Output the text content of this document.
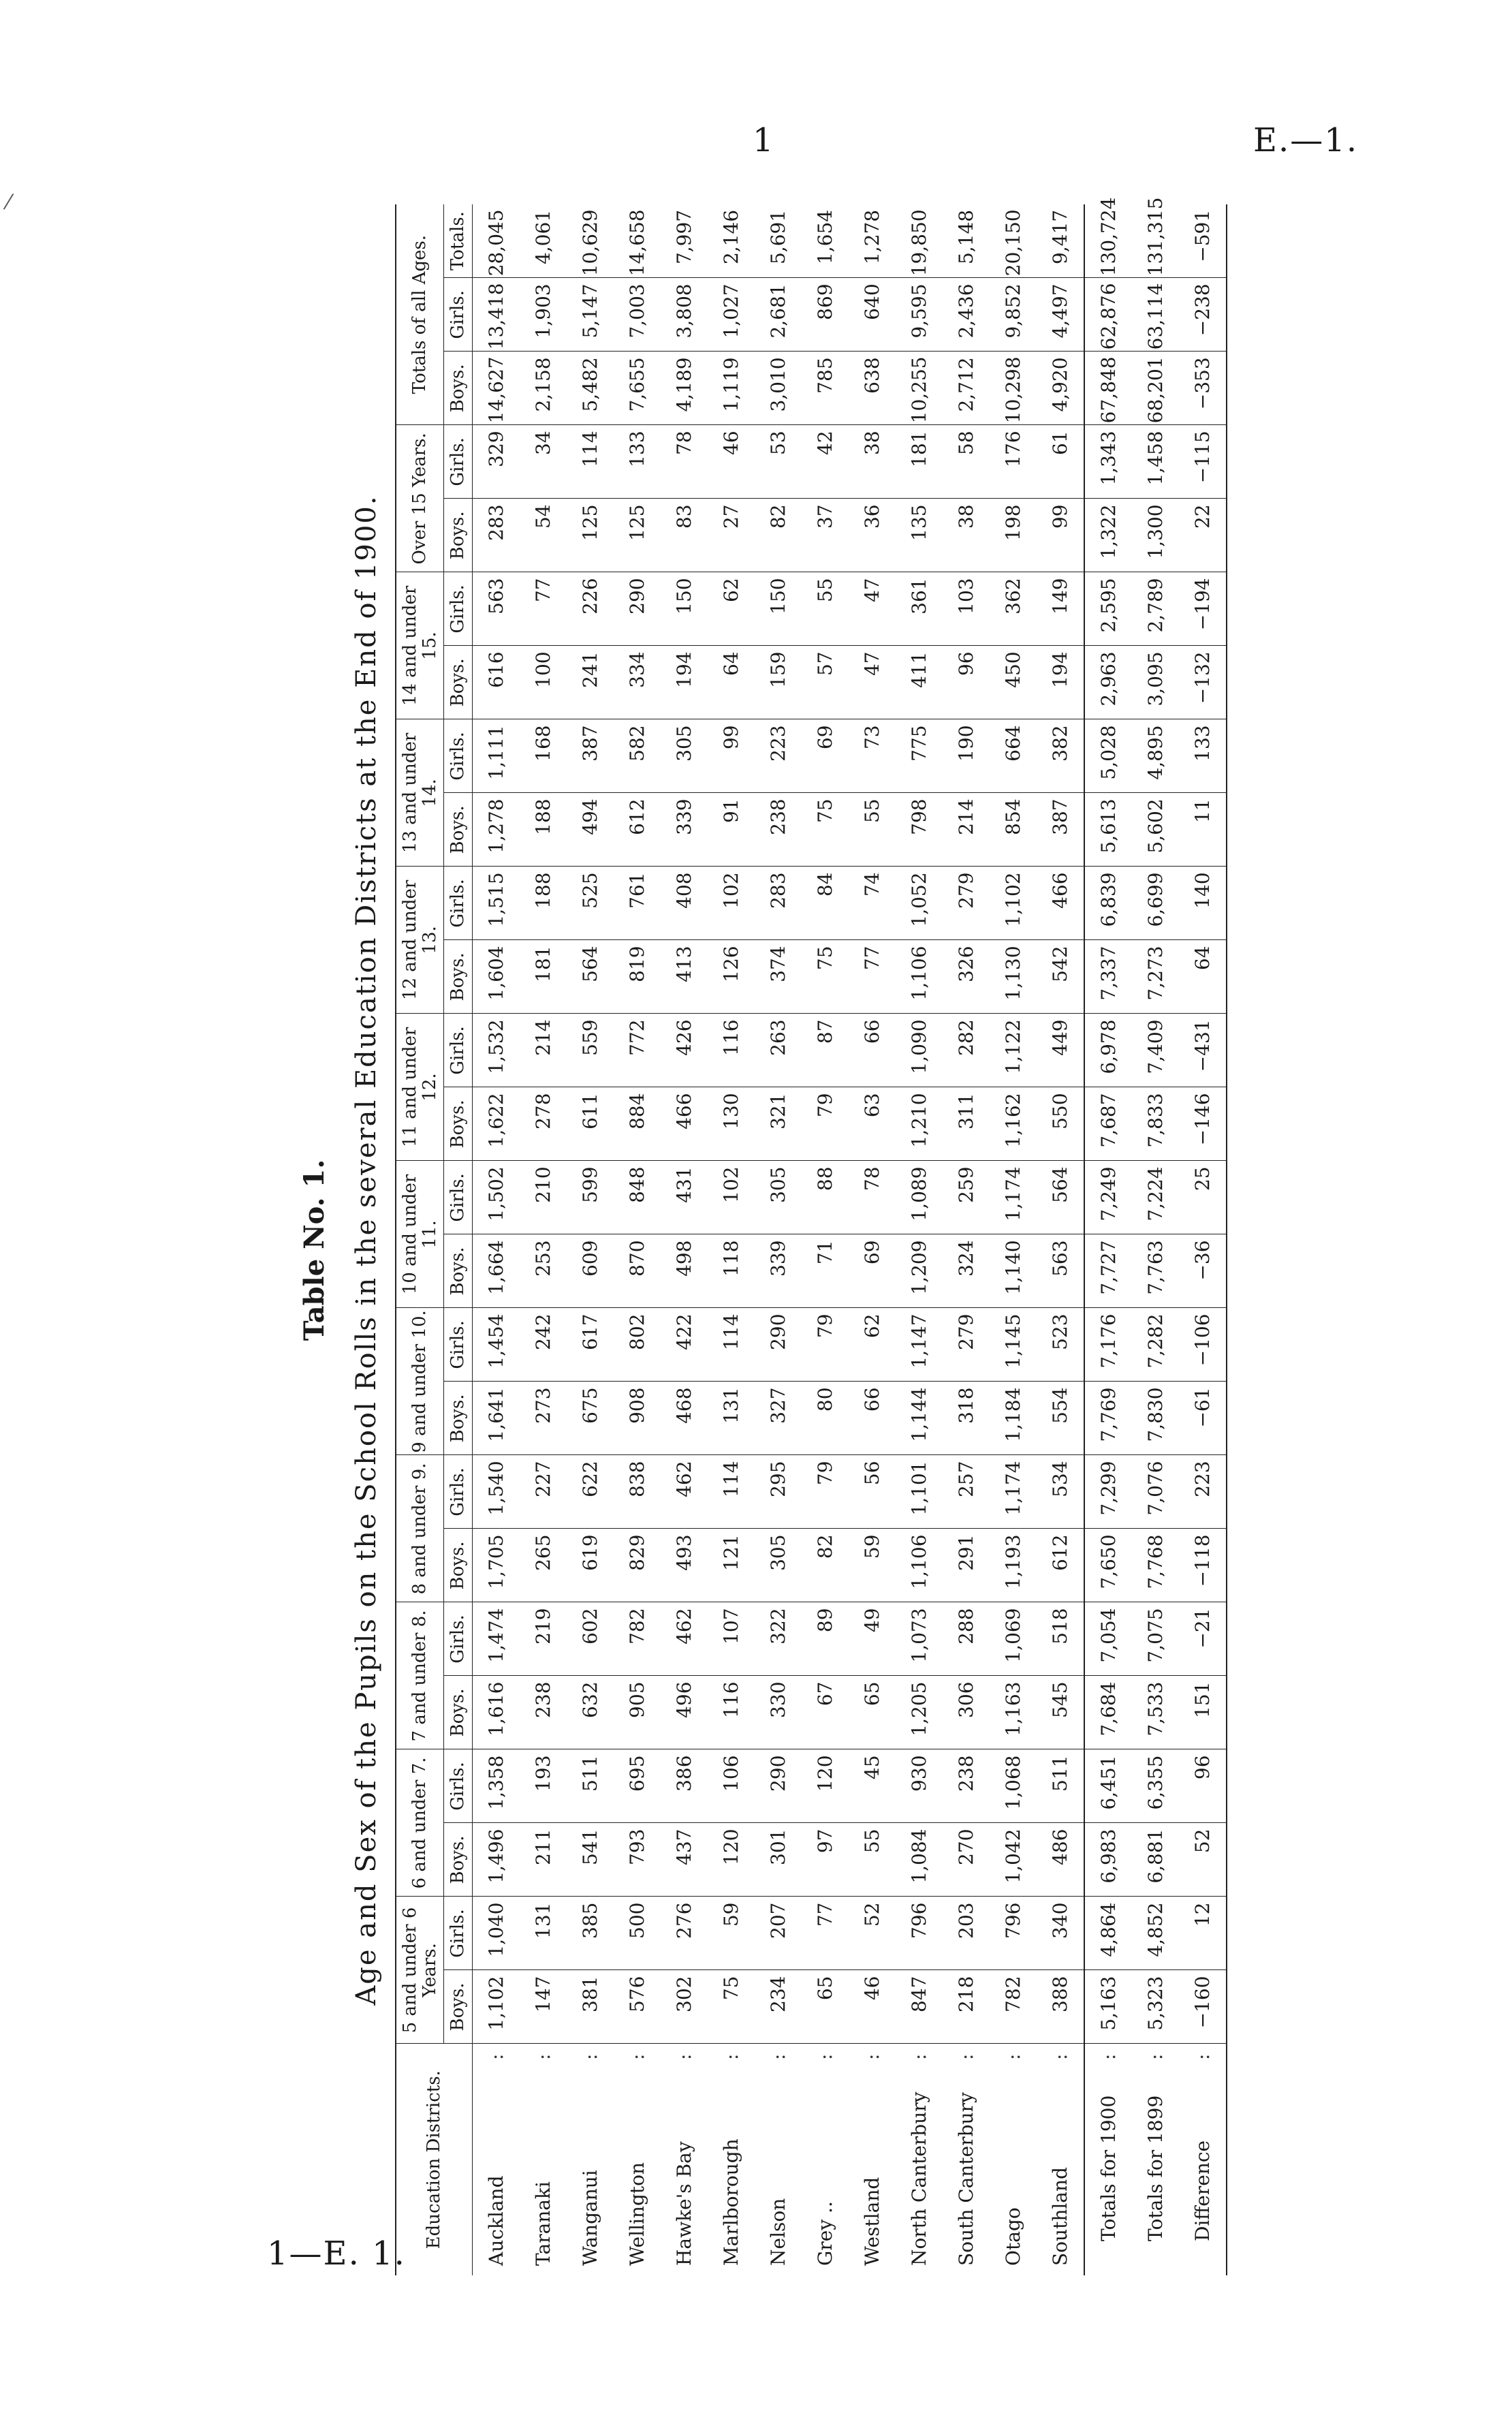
1	E.—1.
1—E. 1.
⁄
Table No. 1. Age and Sex of the Pupils on the School Rolls in the several Education Districts at the End of 1900.
Education Districts.	5 and under 6 Years.		6 and under 7.		7 and under 8.		8 and under 9.		9 and under 10.		10 and under 11.		11 and under 12.		12 and under 13.		13 and under 14.		14 and under 15.		Over 15 Years.		Totals of all Ages.		
	Boys.	Girls.	Boys.	Girls.	Boys.	Girls.	Boys.	Girls.	Boys.	Girls.	Boys.	Girls.	Boys.	Girls.	Boys.	Girls.	Boys.	Girls.	Boys.	Girls.	Boys.	Girls.	Boys.	Girls.	Totals.
Auckland
:	1,102	1,040	1,496	1,358	1,616	1,474	1,705	1,540	1,641	1,454	1,664	1,502	1,622	1,532	1,604	1,515	1,278	1,111	616	563	283	329	14,627	13,418	28,045
Taranaki
:	147	131	211	193	238	219	265	227	273	242	253	210	278	214	181	188	188	168	100	77	54	34	2,158	1,903	4,061
Wanganui
:	381	385	541	511	632	602	619	622	675	617	609	599	611	559	564	525	494	387	241	226	125	114	5,482	5,147	10,629
Wellington
:	576	500	793	695	905	782	829	838	908	802	870	848	884	772	819	761	612	582	334	290	125	133	7,655	7,003	14,658
Hawke's Bay
:	302	276	437	386	496	462	493	462	468	422	498	431	466	426	413	408	339	305	194	150	83	78	4,189	3,808	7,997
Marlborough
:	75	59	120	106	116	107	121	114	131	114	118	102	130	116	126	102	91	99	64	62	27	46	1,119	1,027	2,146
Nelson
:	234	207	301	290	330	322	305	295	327	290	339	305	321	263	374	283	238	223	159	150	82	53	3,010	2,681	5,691
Grey ..
:	65	77	97	120	67	89	82	79	80	79	71	88	79	87	75	84	75	69	57	55	37	42	785	869	1,654
Westland
:	46	52	55	45	65	49	59	56	66	62	69	78	63	66	77	74	55	73	47	47	36	38	638	640	1,278
North Canterbury
:	847	796	1,084	930	1,205	1,073	1,106	1,101	1,144	1,147	1,209	1,089	1,210	1,090	1,106	1,052	798	775	411	361	135	181	10,255	9,595	19,850
South Canterbury
:	218	203	270	238	306	288	291	257	318	279	324	259	311	282	326	279	214	190	96	103	38	58	2,712	2,436	5,148
Otago
:	782	796	1,042	1,068	1,163	1,069	1,193	1,174	1,184	1,145	1,140	1,174	1,162	1,122	1,130	1,102	854	664	450	362	198	176	10,298	9,852	20,150
Southland
:	388	340	486	511	545	518	612	534	554	523	563	564	550	449	542	466	387	382	194	149	99	61	4,920	4,497	9,417
Totals for 1900
:	5,163	4,864	6,983	6,451	7,684	7,054	7,650	7,299	7,769	7,176	7,727	7,249	7,687	6,978	7,337	6,839	5,613	5,028	2,963	2,595	1,322	1,343	67,848	62,876	130,724
Totals for 1899
:	5,323	4,852	6,881	6,355	7,533	7,075	7,768	7,076	7,830	7,282	7,763	7,224	7,833	7,409	7,273	6,699	5,602	4,895	3,095	2,789	1,300	1,458	68,201	63,114	131,315
Difference
:	−160	12	52	96	151	−21	−118	223	−61	−106	−36	25	−146	−431	64	140	11	133	−132	−194	22	−115	−353	−238	−591
